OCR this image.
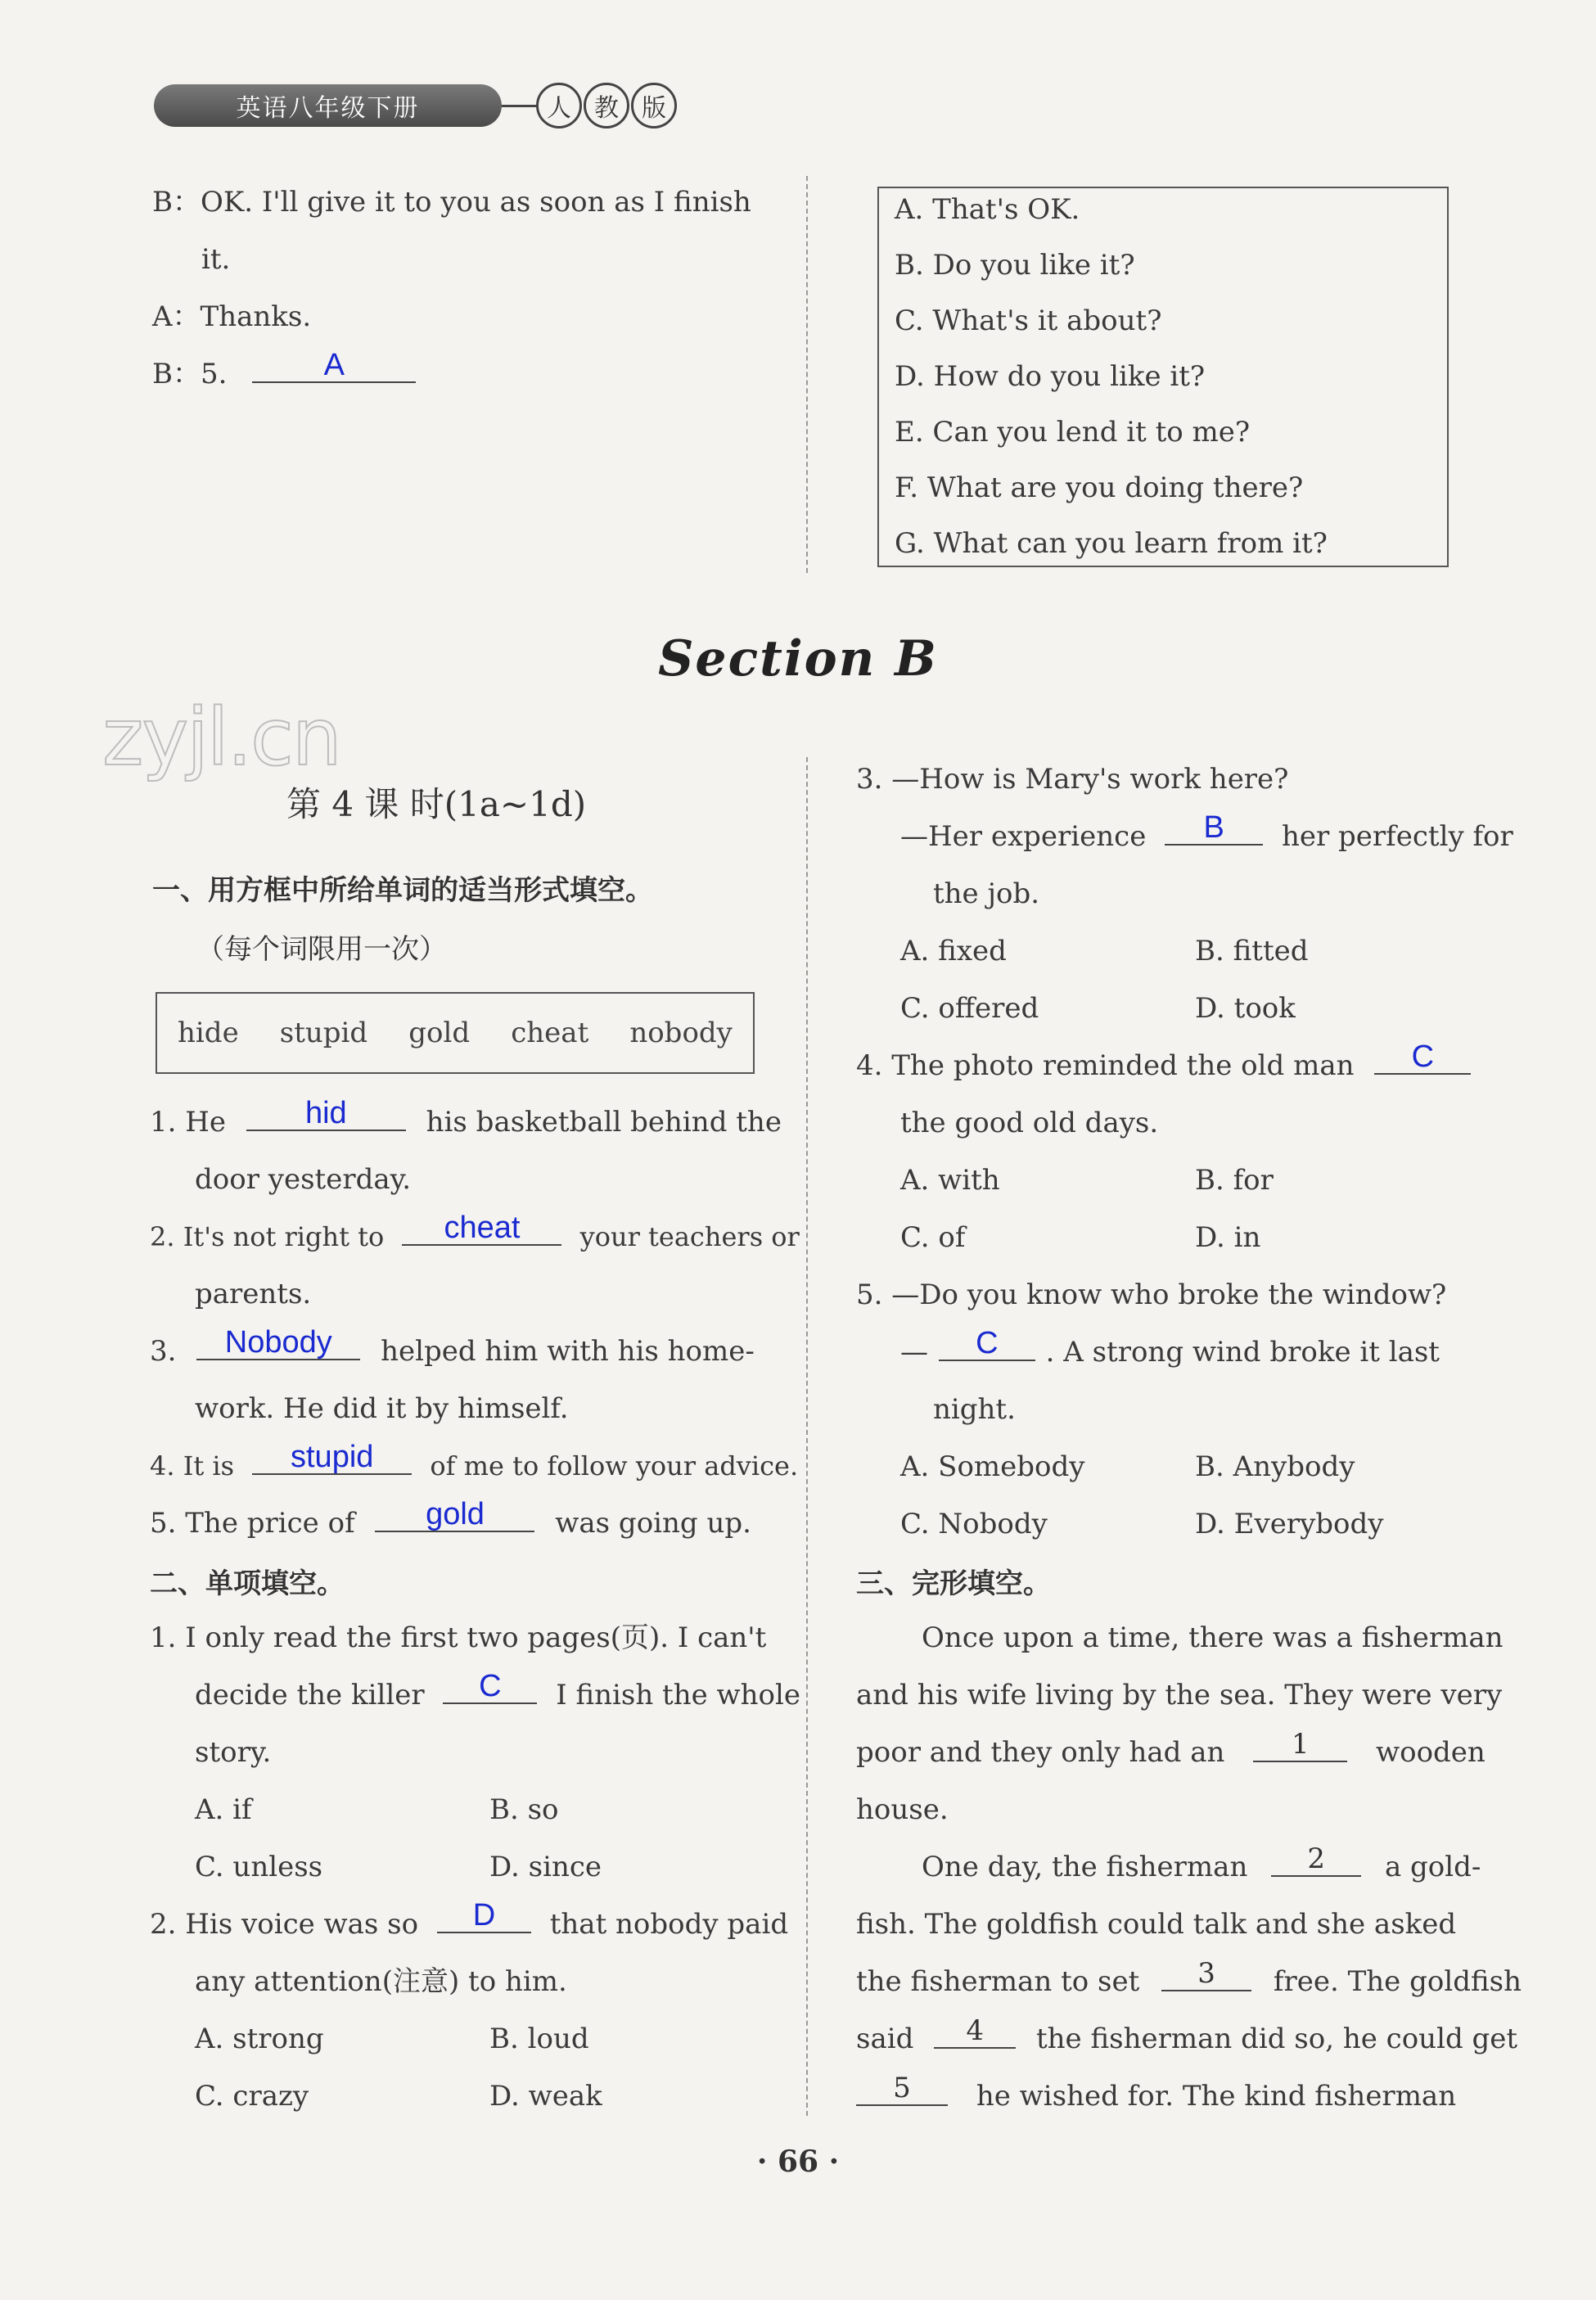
英语八年级下册	人 教 版
B：OK. I'll give it to you as soon as I finish
it.
A：Thanks.
B：5.	A
A. That's OK.
B. Do you like it?
C. What's it about?
D. How do you like it?
E. Can you lend it to me?
F. What are you doing there?
G. What can you learn from it?
Section B
zyjl.cn
第 4 课 时(1a~1d)
一、用方框中所给单词的适当形式填空。
（每个词限用一次）
hide stupid gold cheat nobody
1. He	hid	his basketball behind the
door yesterday.
2. It's not right to cheat your teachers or
parents.
3. Nobody helped him with his home-
work. He did it by himself.
4. It is stupid of me to follow your advice.
5. The price of gold	was going up.
二、单项填空。
1. I only read the first two pages(页). I can't
decide the killer C I finish the whole
story.
A. if	B. so
C. unless	D. since
2. His voice was so D that nobody paid
any attention(注意) to him.
A. strong	B. loud
C. crazy	D. weak
3. —How is Mary's work here?
—Her experience B her perfectly for
the job.
A. fixed	B. fitted
C. offered	D. took
4. The photo reminded the old man C
the good old days.
A. with	B. for
C. of	D. in
5. —Do you know who broke the window?
— C . A strong wind broke it last
night.
A. Somebody	B. Anybody
C. Nobody	D. Everybody
三、完形填空。
Once upon a time, there was a fisherman
and his wife living by the sea. They were very
poor and they only had an 1 wooden
house.
One day, the fisherman 2 a gold-
fish. The goldfish could talk and she asked
the fisherman to set 3 free. The goldfish
said 4 the fisherman did so, he could get
5 he wished for. The kind fisherman
· 66 ·
